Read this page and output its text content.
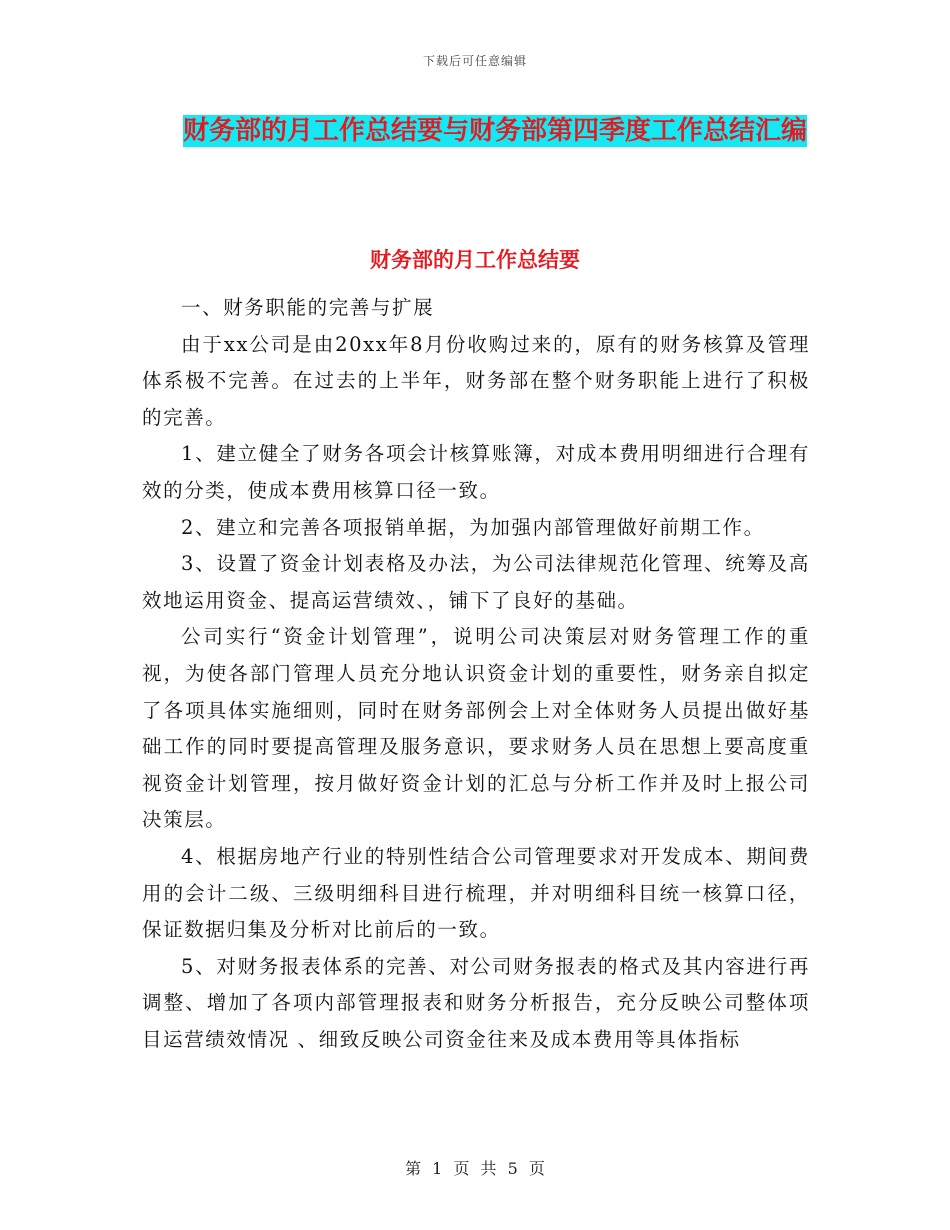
下载后可任意编辑
财务部的月工作总结要与财务部第四季度工作总结汇编
财务部的月工作总结要

一、财务职能的完善与扩展

由于xx公司是由20xx年8月份收购过来的，原有的财务核算及管理体系极不完善。在过去的上半年，财务部在整个财务职能上进行了积极的完善。

1、建立健全了财务各项会计核算账簿，对成本费用明细进行合理有效的分类，使成本费用核算口径一致。

2、建立和完善各项报销单据，为加强内部管理做好前期工作。

3、设置了资金计划表格及办法，为公司法律规范化管理、统筹及高效地运用资金、提高运营绩效、，铺下了良好的基础。

公司实行“资金计划管理”，说明公司决策层对财务管理工作的重视，为使各部门管理人员充分地认识资金计划的重要性，财务亲自拟定了各项具体实施细则，同时在财务部例会上对全体财务人员提出做好基础工作的同时要提高管理及服务意识，要求财务人员在思想上要高度重视资金计划管理，按月做好资金计划的汇总与分析工作并及时上报公司决策层。

4、根据房地产行业的特别性结合公司管理要求对开发成本、期间费用的会计二级、三级明细科目进行梳理，并对明细科目统一核算口径，保证数据归集及分析对比前后的一致。

5、对财务报表体系的完善、对公司财务报表的格式及其内容进行再调整、增加了各项内部管理报表和财务分析报告，充分反映公司整体项目运营绩效情况 、细致反映公司资金往来及成本费用等具体指标

第 1 页 共 5 页
